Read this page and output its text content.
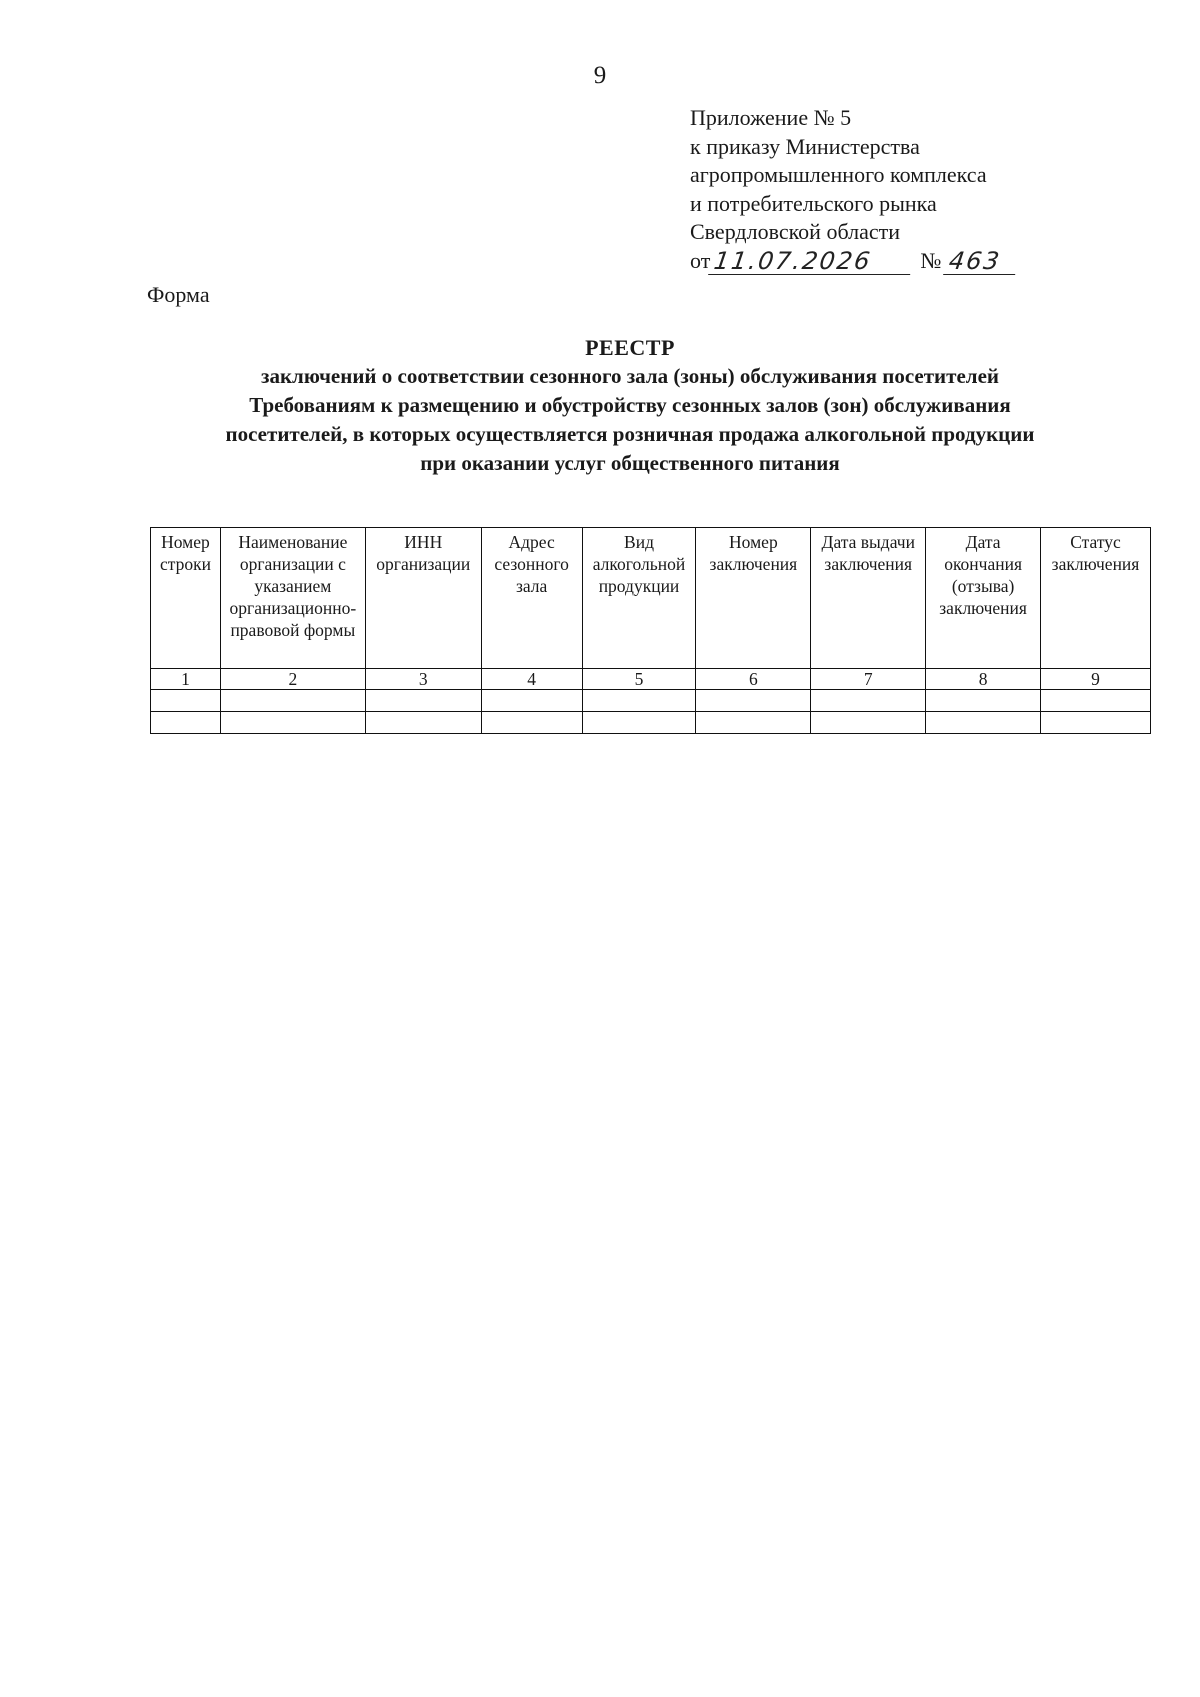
9
Приложение № 5
к приказу Министерства
агропромышленного комплекса
и потребительского рынка
Свердловской области
от 11.07.2026	№ 463
Форма
РЕЕСТР
заключений о соответствии сезонного зала (зоны) обслуживания посетителей
Требованиям к размещению и обустройству сезонных залов (зон) обслуживания
посетителей, в которых осуществляется розничная продажа алкогольной продукции
при оказании услуг общественного питания
Номер строки	Наименование организации с указанием организационно-правовой формы	ИНН организации	Адрес сезонного зала	Вид алкогольной продукции	Номер заключения	Дата выдачи заключения	Дата окончания (отзыва) заключения	Статус заключения
1	2	3	4	5	6	7	8	9
